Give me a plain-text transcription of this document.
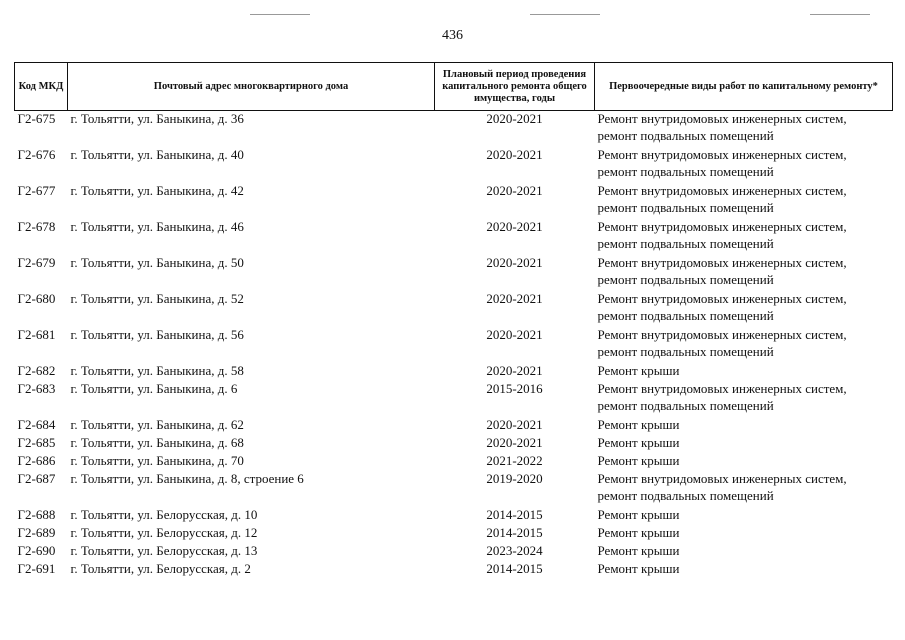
436
Код МКД	Почтовый адрес многоквартирного дома	Плановый период проведения капитального ремонта общего имущества, годы	Первоочередные виды работ по капитальному ремонту*
Г2-675	г. Тольятти, ул. Баныкина, д. 36	2020-2021	Ремонт внутридомовых инженерных систем, ремонт подвальных помещений
Г2-676	г. Тольятти, ул. Баныкина, д. 40	2020-2021	Ремонт внутридомовых инженерных систем, ремонт подвальных помещений
Г2-677	г. Тольятти, ул. Баныкина, д. 42	2020-2021	Ремонт внутридомовых инженерных систем, ремонт подвальных помещений
Г2-678	г. Тольятти, ул. Баныкина, д. 46	2020-2021	Ремонт внутридомовых инженерных систем, ремонт подвальных помещений
Г2-679	г. Тольятти, ул. Баныкина, д. 50	2020-2021	Ремонт внутридомовых инженерных систем, ремонт подвальных помещений
Г2-680	г. Тольятти, ул. Баныкина, д. 52	2020-2021	Ремонт внутридомовых инженерных систем, ремонт подвальных помещений
Г2-681	г. Тольятти, ул. Баныкина, д. 56	2020-2021	Ремонт внутридомовых инженерных систем, ремонт подвальных помещений
Г2-682	г. Тольятти, ул. Баныкина, д. 58	2020-2021	Ремонт крыши
Г2-683	г. Тольятти, ул. Баныкина, д. 6	2015-2016	Ремонт внутридомовых инженерных систем, ремонт подвальных помещений
Г2-684	г. Тольятти, ул. Баныкина, д. 62	2020-2021	Ремонт крыши
Г2-685	г. Тольятти, ул. Баныкина, д. 68	2020-2021	Ремонт крыши
Г2-686	г. Тольятти, ул. Баныкина, д. 70	2021-2022	Ремонт крыши
Г2-687	г. Тольятти, ул. Баныкина, д. 8, строение 6	2019-2020	Ремонт внутридомовых инженерных систем, ремонт подвальных помещений
Г2-688	г. Тольятти, ул. Белорусская, д. 10	2014-2015	Ремонт крыши
Г2-689	г. Тольятти, ул. Белорусская, д. 12	2014-2015	Ремонт крыши
Г2-690	г. Тольятти, ул. Белорусская, д. 13	2023-2024	Ремонт крыши
Г2-691	г. Тольятти, ул. Белорусская, д. 2	2014-2015	Ремонт крыши
